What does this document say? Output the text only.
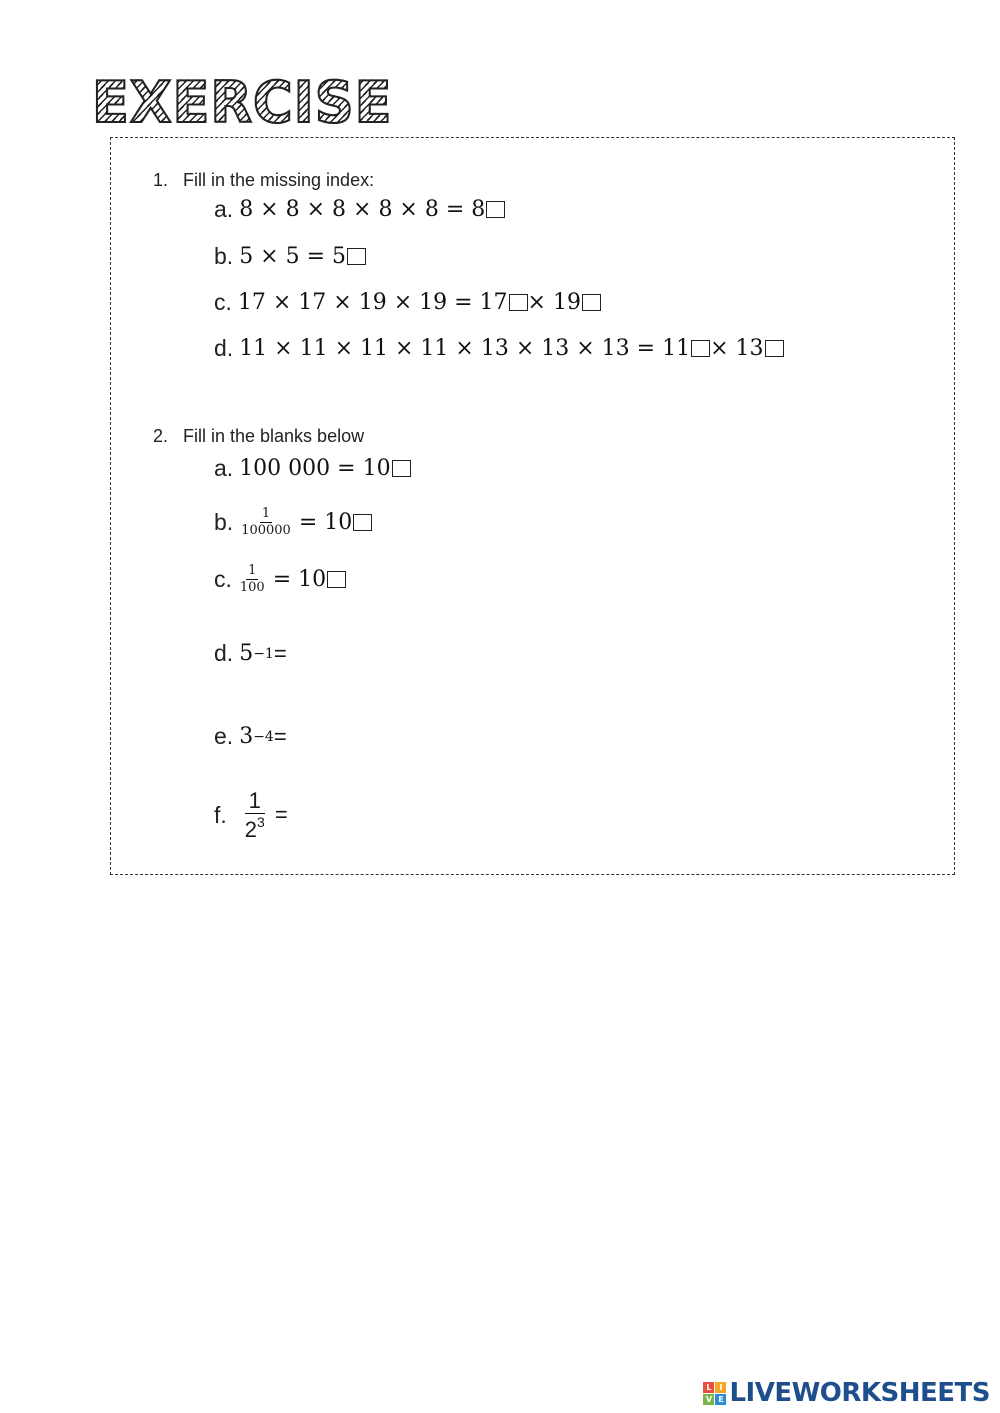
EXERCISE
1. Fill in the missing index:
a. 8 × 8 × 8 × 8 × 8 = 8
b. 5 × 5 = 5
c. 17 × 17 × 19 × 19 = 17 × 19
d. 11 × 11 × 11 × 11 × 13 × 13 × 13 = 11 × 13
2. Fill in the blanks below
a. 100 000 = 10
b. $\frac{1}{100000} = 10$
c. $\frac{1}{100} = 10$
d. 5 −1 =
e. 3 −4 =
f. $\frac{1}{2^3}$ =
L I
V E LIVEWORKSHEETS
